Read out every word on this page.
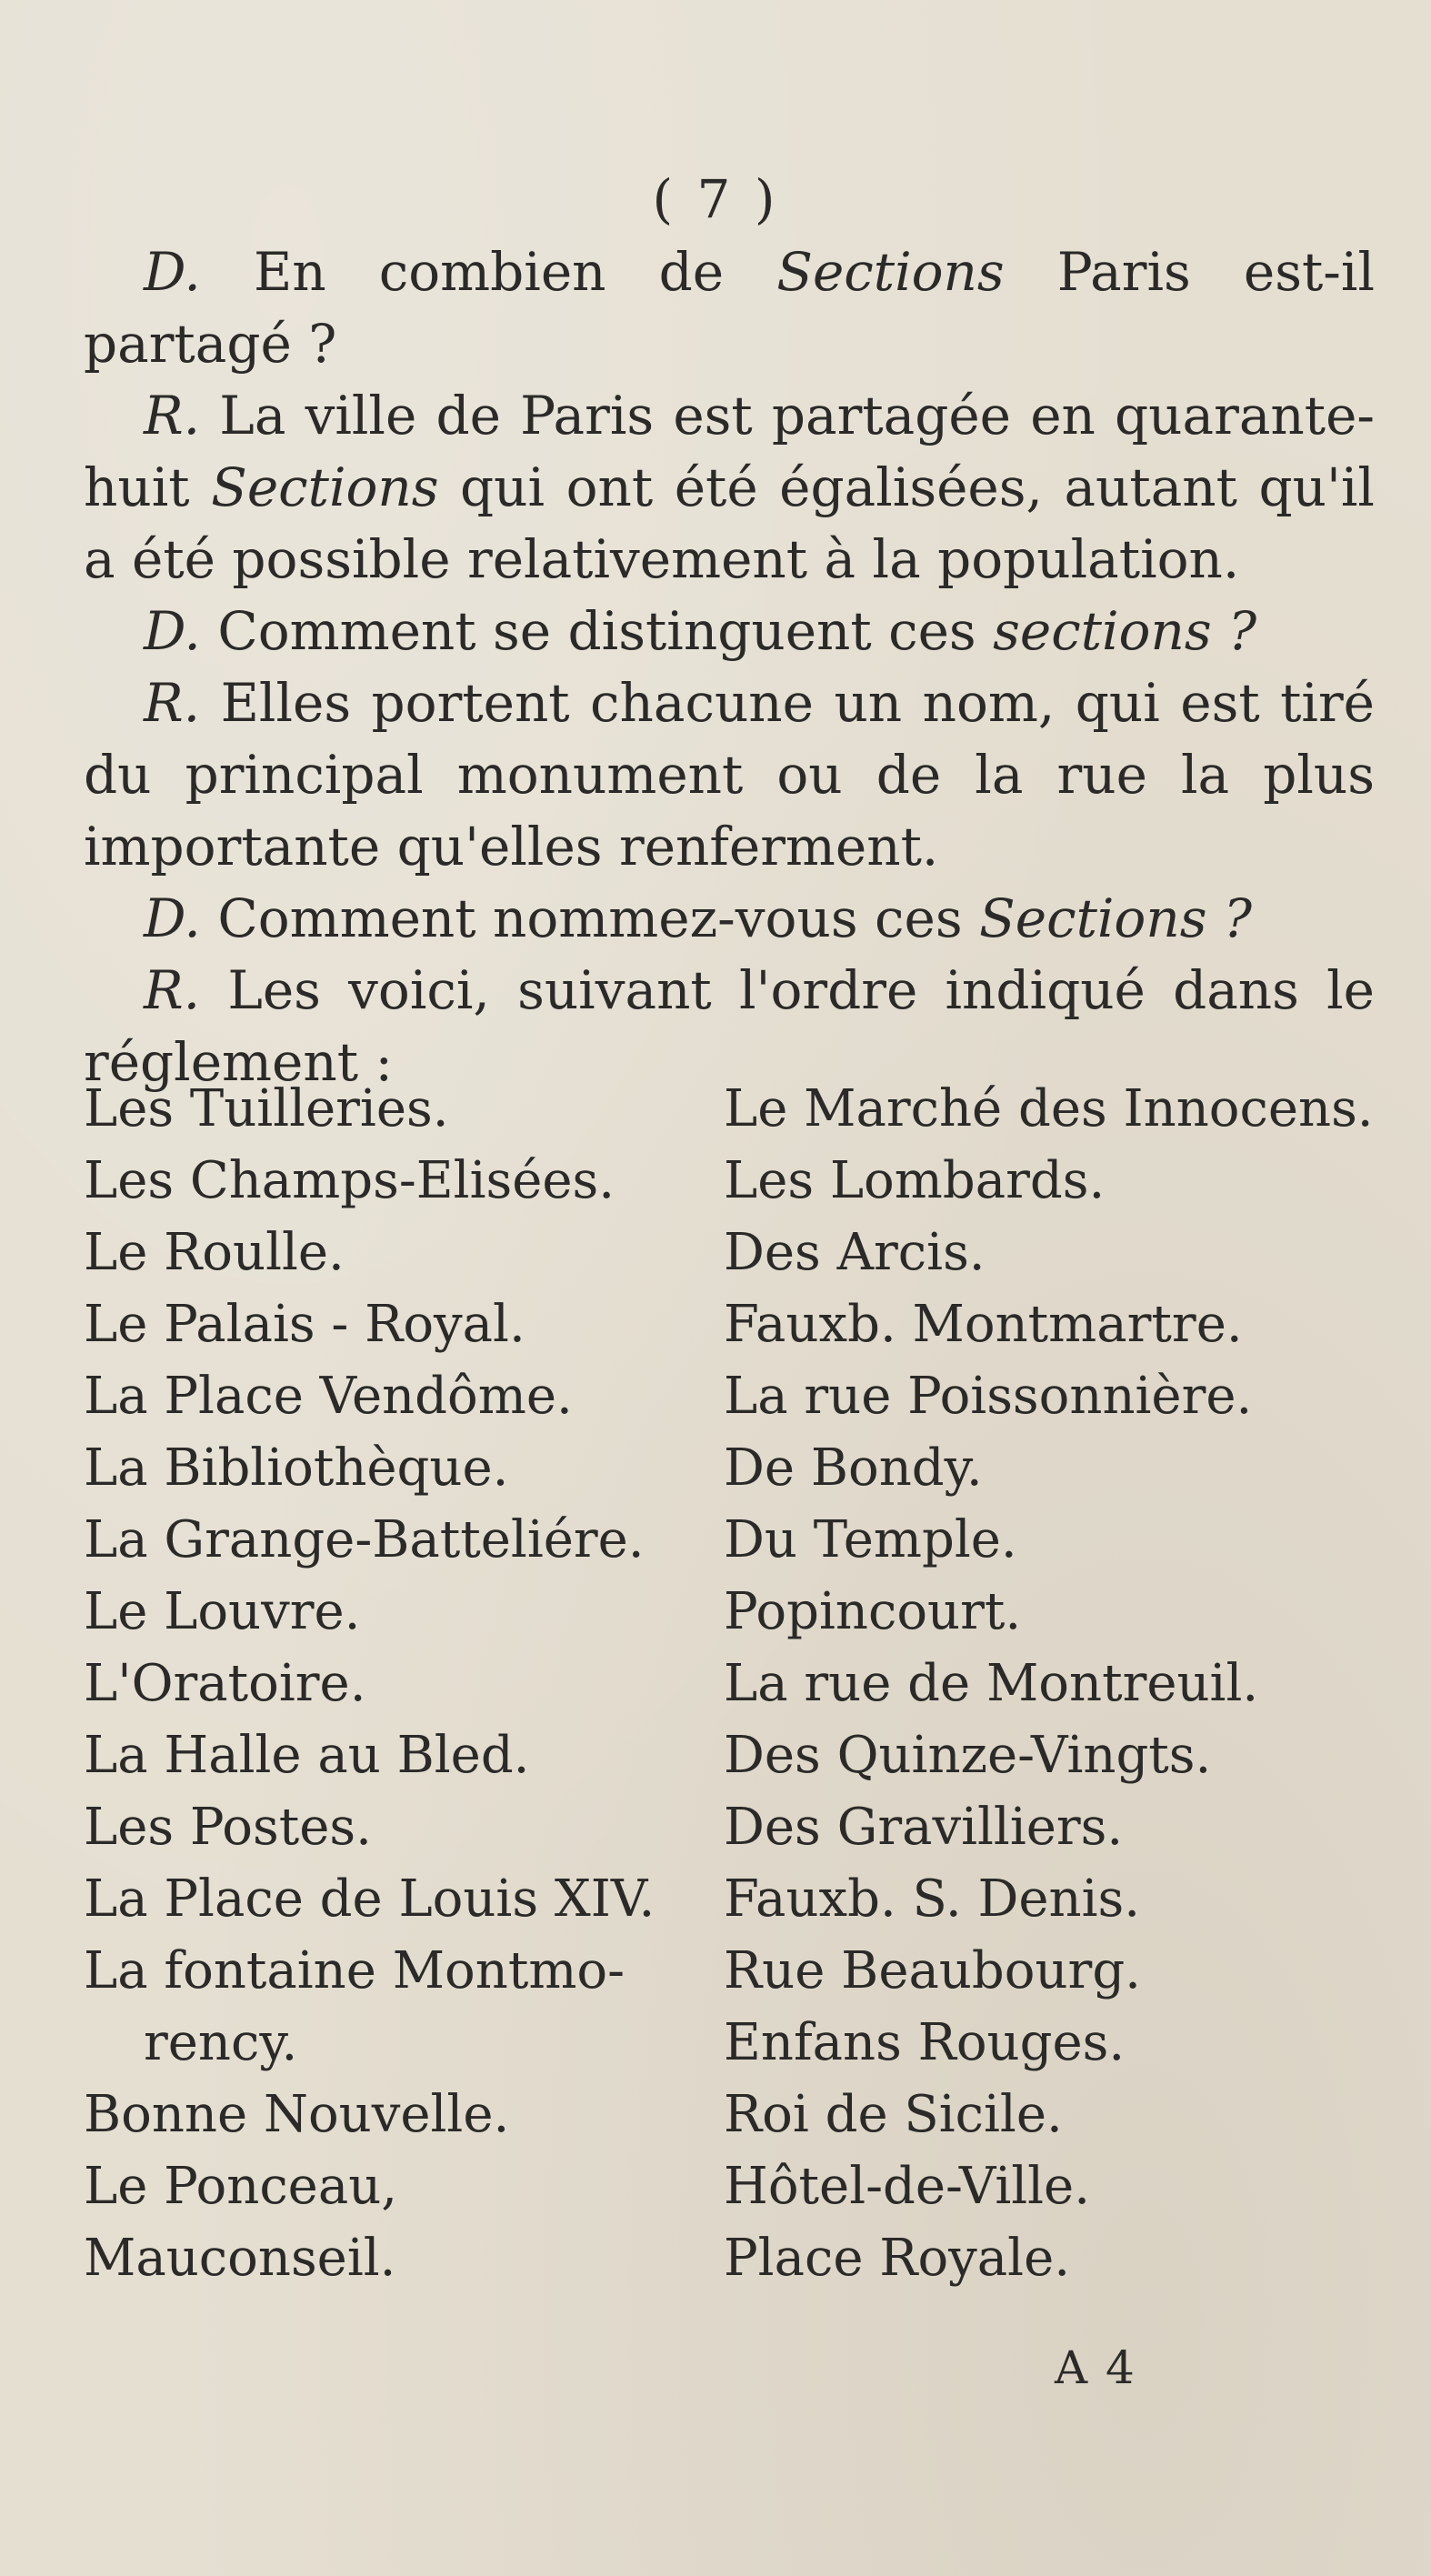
( 7 )

D. En combien de Sections Paris est-il partagé ?

R. La ville de Paris est partagée en quarante-huit Sections qui ont été égalisées, autant qu'il a été possible relativement à la population.

D. Comment se distinguent ces sections ?

R. Elles portent chacune un nom, qui est tiré du principal monument ou de la rue la plus importante qu'elles renferment.

D. Comment nommez-vous ces Sections ?

R. Les voici, suivant l'ordre indiqué dans le réglement :

Les Tuilleries.
Les Champs-Elisées.
Le Roulle.
Le Palais - Royal.
La Place Vendôme.
La Bibliothèque.
La Grange-Batteliére.
Le Louvre.
L'Oratoire.
La Halle au Bled.
Les Postes.
La Place de Louis XIV.
La fontaine Montmo-
rency.
Bonne Nouvelle.
Le Ponceau,
Mauconseil.
Le Marché des Innocens.
Les Lombards.
Des Arcis.
Fauxb. Montmartre.
La rue Poissonnière.
De Bondy.
Du Temple.
Popincourt.
La rue de Montreuil.
Des Quinze-Vingts.
Des Gravilliers.
Fauxb. S. Denis.
Rue Beaubourg.
Enfans Rouges.
Roi de Sicile.
Hôtel-de-Ville.
Place Royale.
A 4
